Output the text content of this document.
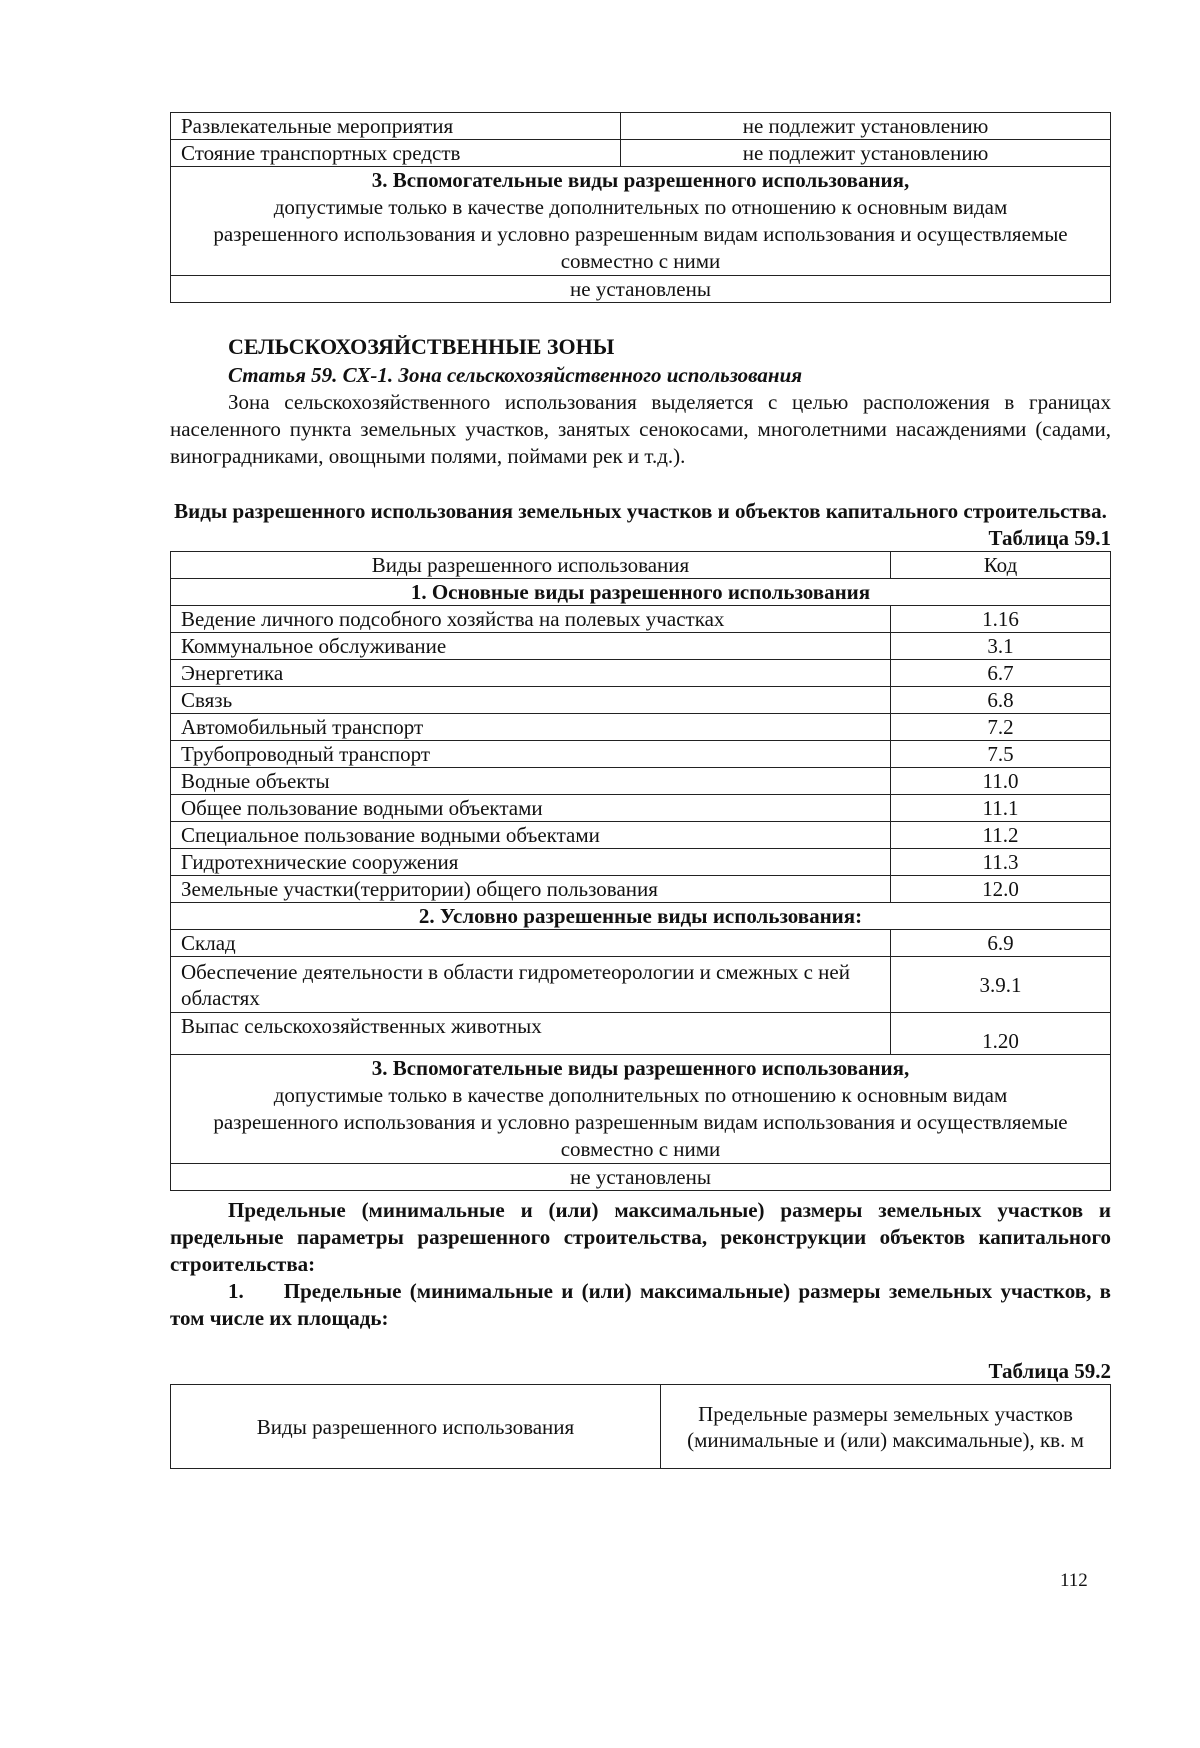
Развлекательные мероприятия	не подлежит установлению
Стояние транспортных средств	не подлежит установлению

3. Вспомогательные виды разрешенного использования,
допустимые только в качестве дополнительных по отношению к основным видам разрешенного использования и условно разрешенным видам использования и осуществляемые совместно с ними	

не установлены	
СЕЛЬСКОХОЗЯЙСТВЕННЫЕ ЗОНЫ
Статья 59. СХ-1. Зона сельскохозяйственного использования

Зона сельскохозяйственного использования выделяется с целью расположения в границах населенного пункта земельных участков, занятых сенокосами, многолетними насаждениями (садами, виноградниками, овощными полями, поймами рек и т.д.).

Виды разрешенного использования земельных участков и объектов капитального строительства.
Таблица 59.1
Виды разрешенного использования	Код
1. Основные виды разрешенного использования	
Ведение личного подсобного хозяйства на полевых участках	1.16
Коммунальное обслуживание	3.1
Энергетика	6.7
Связь	6.8
Автомобильный транспорт	7.2
Трубопроводный транспорт	7.5
Водные объекты	11.0
Общее пользование водными объектами	11.1
Специальное пользование водными объектами	11.2
Гидротехнические сооружения	11.3
Земельные участки(территории) общего пользования	12.0
2. Условно разрешенные виды использования:	
Склад	6.9
Обеспечение деятельности в области гидрометеорологии и смежных с ней областях	3.9.1
Выпас сельскохозяйственных животных	1.20

3. Вспомогательные виды разрешенного использования,
допустимые только в качестве дополнительных по отношению к основным видам разрешенного использования и условно разрешенным видам использования и осуществляемые совместно с ними	

не установлены	
Предельные (минимальные и (или) максимальные) размеры земельных участков и предельные параметры разрешенного строительства, реконструкции объектов капитального строительства:
1. Предельные (минимальные и (или) максимальные) размеры земельных участков, в том числе их площадь:
Таблица 59.2
Виды разрешенного использования	Предельные размеры земельных участков (минимальные и (или) максимальные), кв. м
112
